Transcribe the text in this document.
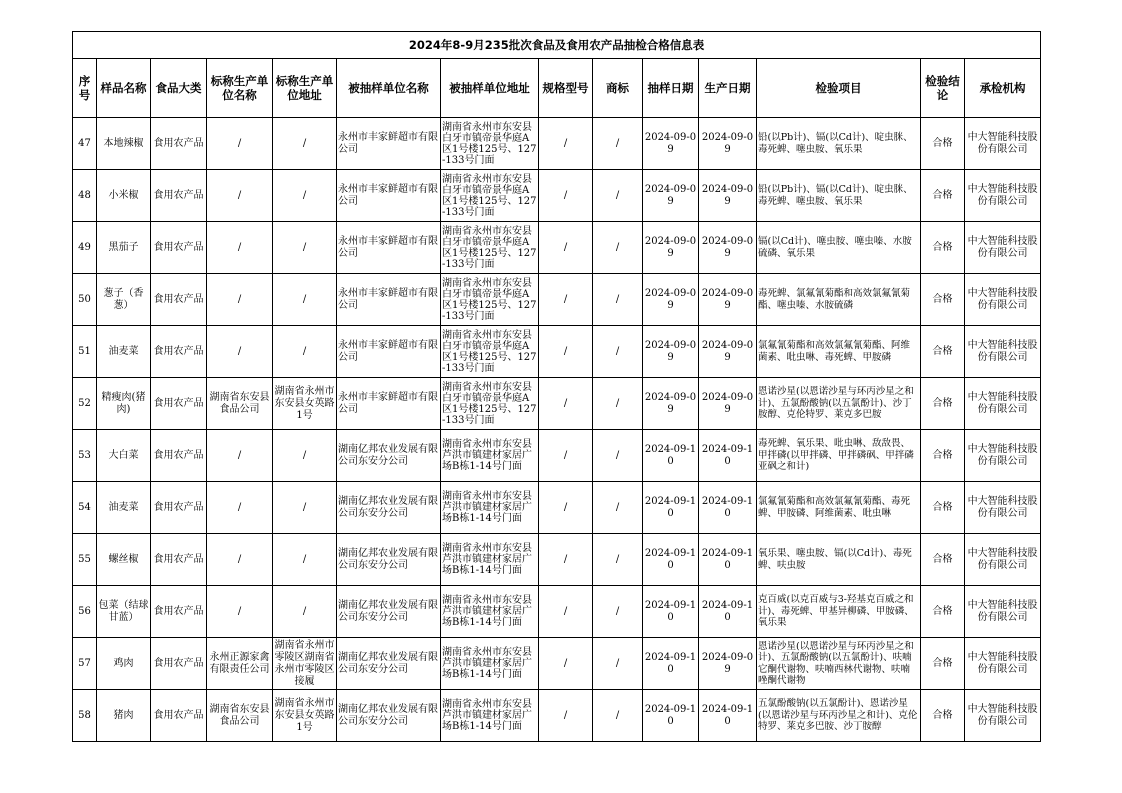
2024年8-9月235批次食品及食用农产品抽检合格信息表													
序号	样品名称	食品大类	标称生产单位名称	标称生产单位地址	被抽样单位名称	被抽样单位地址	规格型号	商标	抽样日期	生产日期	检验项目	检验结论	承检机构
47	本地辣椒	食用农产品	/	/	永州市丰家鲜超市有限公司	湖南省永州市东安县白牙市镇帝景华庭A区1号楼125号、127-133号门面	/	/	2024-09-09	2024-09-09	铅(以Pb计)、镉(以Cd计)、啶虫脒、毒死蜱、噻虫胺、氧乐果	合格	中大智能科技股份有限公司
48	小米椒	食用农产品	/	/	永州市丰家鲜超市有限公司	湖南省永州市东安县白牙市镇帝景华庭A区1号楼125号、127-133号门面	/	/	2024-09-09	2024-09-09	铅(以Pb计)、镉(以Cd计)、啶虫脒、毒死蜱、噻虫胺、氧乐果	合格	中大智能科技股份有限公司
49	黑茄子	食用农产品	/	/	永州市丰家鲜超市有限公司	湖南省永州市东安县白牙市镇帝景华庭A区1号楼125号、127-133号门面	/	/	2024-09-09	2024-09-09	镉(以Cd计)、噻虫胺、噻虫嗪、水胺硫磷、氧乐果	合格	中大智能科技股份有限公司
50	葱子（香葱）	食用农产品	/	/	永州市丰家鲜超市有限公司	湖南省永州市东安县白牙市镇帝景华庭A区1号楼125号、127-133号门面	/	/	2024-09-09	2024-09-09	毒死蜱、氯氟氰菊酯和高效氯氟氰菊酯、噻虫嗪、水胺硫磷	合格	中大智能科技股份有限公司
51	油麦菜	食用农产品	/	/	永州市丰家鲜超市有限公司	湖南省永州市东安县白牙市镇帝景华庭A区1号楼125号、127-133号门面	/	/	2024-09-09	2024-09-09	氯氟氰菊酯和高效氯氟氰菊酯、阿维菌素、吡虫啉、毒死蜱、甲胺磷	合格	中大智能科技股份有限公司
52	精瘦肉(猪肉)	食用农产品	湖南省东安县食品公司	湖南省永州市东安县女英路1号	永州市丰家鲜超市有限公司	湖南省永州市东安县白牙市镇帝景华庭A区1号楼125号、127-133号门面	/	/	2024-09-09	2024-09-09	恩诺沙星(以恩诺沙星与环丙沙星之和计)、五氯酚酸钠(以五氯酚计)、沙丁胺醇、克伦特罗、莱克多巴胺	合格	中大智能科技股份有限公司
53	大白菜	食用农产品	/	/	湖南亿邦农业发展有限公司东安分公司	湖南省永州市东安县芦洪市镇建材家居广场B栋1-14号门面	/	/	2024-09-10	2024-09-10	毒死蜱、氧乐果、吡虫啉、敌敌畏、甲拌磷(以甲拌磷、甲拌磷砜、甲拌磷亚砜之和计)	合格	中大智能科技股份有限公司
54	油麦菜	食用农产品	/	/	湖南亿邦农业发展有限公司东安分公司	湖南省永州市东安县芦洪市镇建材家居广场B栋1-14号门面	/	/	2024-09-10	2024-09-10	氯氟氰菊酯和高效氯氟氰菊酯、毒死蜱、甲胺磷、阿维菌素、吡虫啉	合格	中大智能科技股份有限公司
55	螺丝椒	食用农产品	/	/	湖南亿邦农业发展有限公司东安分公司	湖南省永州市东安县芦洪市镇建材家居广场B栋1-14号门面	/	/	2024-09-10	2024-09-10	氧乐果、噻虫胺、镉(以Cd计)、毒死蜱、呋虫胺	合格	中大智能科技股份有限公司
56	包菜（结球甘蓝）	食用农产品	/	/	湖南亿邦农业发展有限公司东安分公司	湖南省永州市东安县芦洪市镇建材家居广场B栋1-14号门面	/	/	2024-09-10	2024-09-10	克百威(以克百威与3-羟基克百威之和计)、毒死蜱、甲基异柳磷、甲胺磷、氧乐果	合格	中大智能科技股份有限公司
57	鸡肉	食用农产品	永州正源家禽有限责任公司	湖南省永州市零陵区湖南省永州市零陵区接履	湖南亿邦农业发展有限公司东安分公司	湖南省永州市东安县芦洪市镇建材家居广场B栋1-14号门面	/	/	2024-09-10	2024-09-09	恩诺沙星(以恩诺沙星与环丙沙星之和计)、五氯酚酸钠(以五氯酚计)、呋喃它酮代谢物、呋喃西林代谢物、呋喃唑酮代谢物	合格	中大智能科技股份有限公司
58	猪肉	食用农产品	湖南省东安县食品公司	湖南省永州市东安县女英路1号	湖南亿邦农业发展有限公司东安分公司	湖南省永州市东安县芦洪市镇建材家居广场B栋1-14号门面	/	/	2024-09-10	2024-09-10	五氯酚酸钠(以五氯酚计)、恩诺沙星(以恩诺沙星与环丙沙星之和计)、克伦特罗、莱克多巴胺、沙丁胺醇	合格	中大智能科技股份有限公司
